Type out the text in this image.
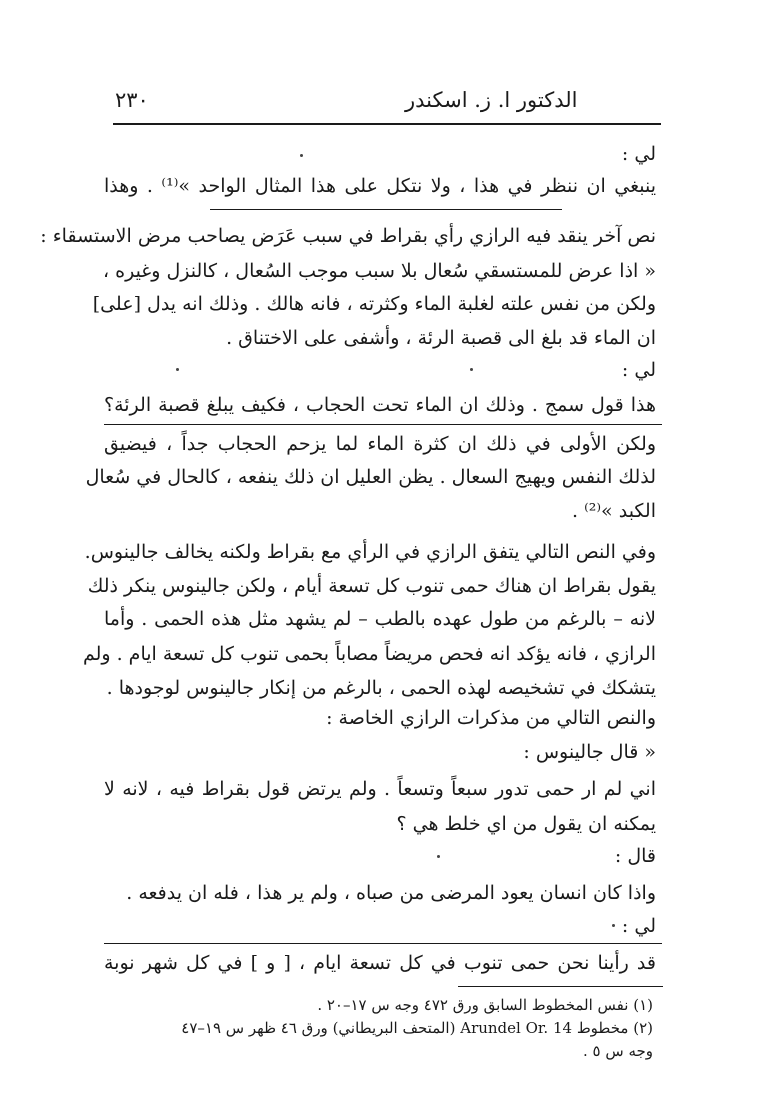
٢٣٠	الدكتور ا. ز. اسكندر
لي :
ينبغي ان ننظر في هذا ، ولا نتكل على هذا المثال الواحد »⁽¹⁾ . وهذا
نص آخر ينقد فيه الرازي رأي بقراط في سبب عَرَض يصاحب مرض الاستسقاء :
« اذا عرض للمستسقي سُعال بلا سبب موجب السُعال ، كالنزل وغيره ،
ولكن من نفس علته لغلبة الماء وكثرته ، فانه هالك . وذلك انه يدل [على]
ان الماء قد بلغ الى قصبة الرئة ، وأشفى على الاختناق .
لي :
هذا قول سمج . وذلك ان الماء تحت الحجاب ، فكيف يبلغ قصبة الرئة؟
ولكن الأولى في ذلك ان كثرة الماء لما يزحم الحجاب جداً ، فيضيق
لذلك النفس ويهيج السعال . يظن العليل ان ذلك ينفعه ، كالحال في سُعال
الكبد »⁽²⁾ .
وفي النص التالي يتفق الرازي في الرأي مع بقراط ولكنه يخالف جالينوس.
يقول بقراط ان هناك حمى تنوب كل تسعة أيام ، ولكن جالينوس ينكر ذلك
لانه – بالرغم من طول عهده بالطب – لم يشهد مثل هذه الحمى . وأما
الرازي ، فانه يؤكد انه فحص مريضاً مصاباً بحمى تنوب كل تسعة ايام . ولم
يتشكك في تشخيصه لهذه الحمى ، بالرغم من إنكار جالينوس لوجودها .
والنص التالي من مذكرات الرازي الخاصة :
« قال جالينوس :
اني لم ار حمى تدور سبعاً وتسعاً . ولم يرتض قول بقراط فيه ، لانه لا
يمكنه ان يقول من اي خلط هي ؟
قال :
واذا كان انسان يعود المرضى من صباه ، ولم ير هذا ، فله ان يدفعه .
لي :
قد رأينا نحن حمى تنوب في كل تسعة ايام ، [ و ] في كل شهر نوبة
(١) نفس المخطوط السابق ورق ٤٧٢ وجه س ١٧–٢٠ .
(٢) مخطوط Arundel Or. 14 (المتحف البريطاني) ورق ٤٦ ظهر س ١٩–٤٧
وجه س ٥ .
